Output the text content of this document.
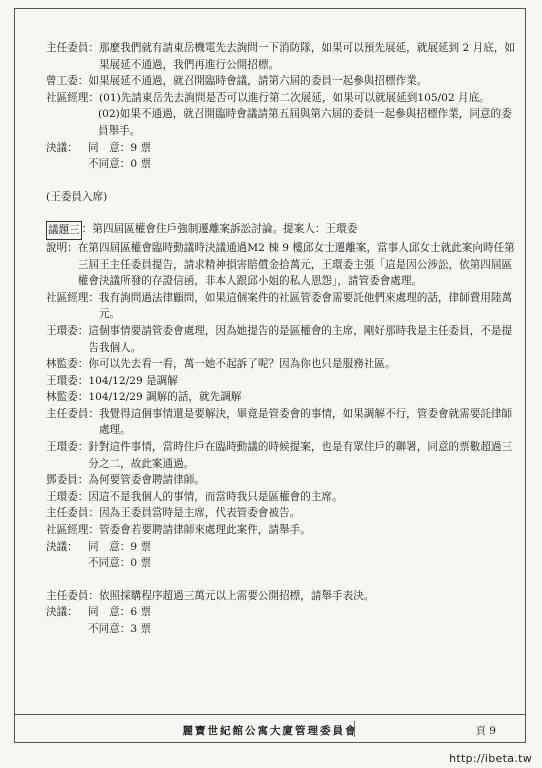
主任委員： 那麼我們就有請東岳機電先去詢問一下消防隊，如果可以預先展延，就展延到 2 月底，如果展延不通過，我們再進行公開招標。
曾工委： 如果展延不通過，就召開臨時會議，請第六屆的委員一起參與招標作業。
社區經理： (01)先請東岳先去詢問是否可以進行第二次展延，如果可以就展延到105/02 月底。
(02)如果不通過，就召開臨時會議請第五屆與第六屆的委員一起參與招標作業，同意的委員舉手。
決議： 同　意：9 票
不同意：0 票
(王委員入席)
議題三 ：第四屆區權會住戶強制遷離案訴訟討論。提案人：王環委
說明： 在第四屆區權會臨時動議時決議通過M2 棟 9 樓邱女士遷離案，當事人邱女士就此案向時任第三屆王主任委員提告，請求精神損害賠償金拾萬元，王環委主張「這是因公涉訟，依第四屆區權會決議所發的存證信函，非本人跟邱小姐的私人恩怨」，請管委會處理。
社區經理： 我有詢問過法律顧問，如果這個案件的社區管委會需要託他們來處理的話，律師費用陸萬元。
王環委： 這個事情要請管委會處理，因為她提告的是區權會的主席，剛好那時我是主任委員，不是提告我個人。
林監委： 你可以先去看一看，萬一她不起訴了呢？因為你也只是服務社區。
王環委： 104/12/29 是調解
林監委： 104/12/29 調解的話，就先調解
主任委員： 我覺得這個事情還是要解決，畢竟是管委會的事情，如果調解不行，管委會就需要託律師處理。
王環委： 針對這件事情，當時住戶在臨時動議的時候提案，也是有眾住戶的聯署，同意的票數超過三分之二，故此案通過。
鄧委員： 為何要管委會聘請律師。
王環委： 因這不是我個人的事情，而當時我只是區權會的主席。
主任委員： 因為王委員當時是主席，代表管委會被告。
社區經理： 管委會若要聘請律師來處理此案件，請舉手。
決議： 同　意：9 票
不同意：0 票
主任委員： 依照採購程序超過三萬元以上需要公開招標，請舉手表決。
決議： 同　意：6 票
不同意：3 票
麗寶世紀館公寓大廈管理委員會	頁 9
http://ibeta.tw
